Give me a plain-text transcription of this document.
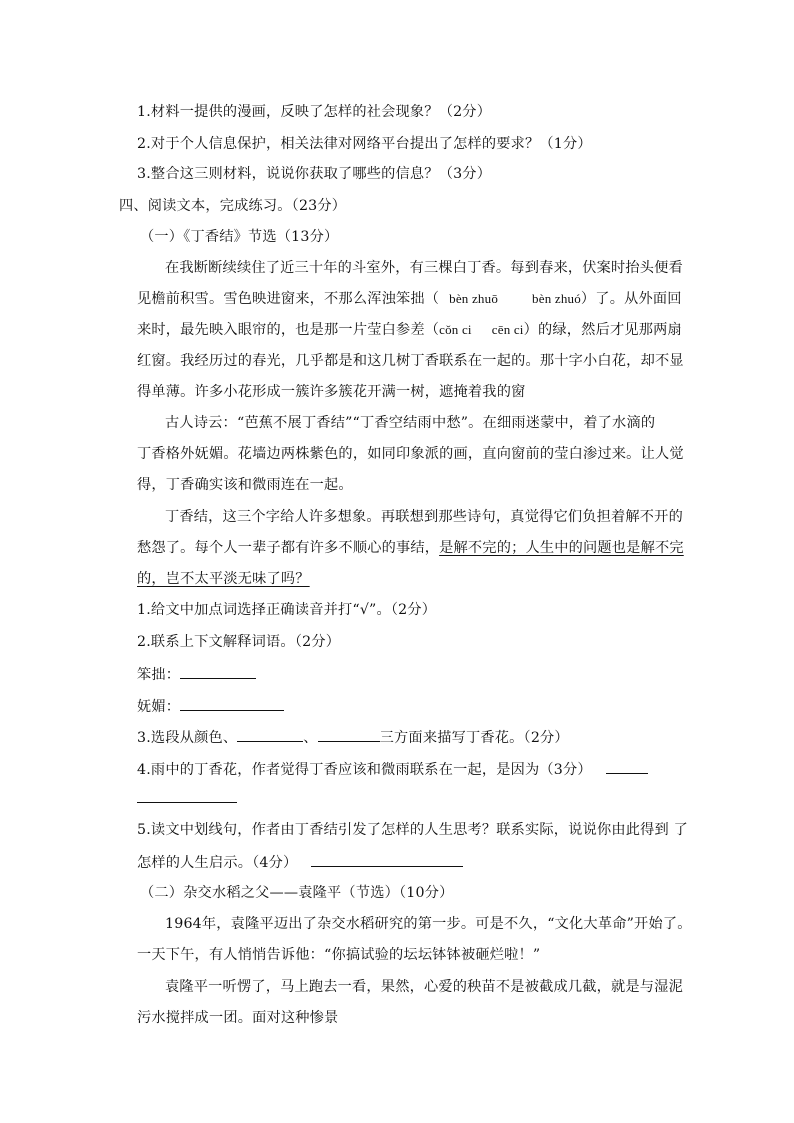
1.材料一提供的漫画，反映了怎样的社会现象？（2分）
2.对于个人信息保护，相关法律对网络平台提出了怎样的要求？（1分）
3.整合这三则材料，说说你获取了哪些的信息？（3分）
四、阅读文本，完成练习。（23分）
（一）《丁香结》节选（13分）
在我断断续续住了近三十年的斗室外，有三棵白丁香。每到春来，伏案时抬头便看
见檐前积雪。雪色映进窗来，不那么浑浊笨拙（ bèn zhuō	bèn zhuó）了。从外面回
来时，最先映入眼帘的，也是那一片莹白参差（cǒn ci cēn ci）的绿，然后才见那两扇
红窗。我经历过的春光，几乎都是和这几树丁香联系在一起的。那十字小白花，却不显
得单薄。许多小花形成一簇许多簇花开满一树，遮掩着我的窗
古人诗云：“芭蕉不展丁香结”“丁香空结雨中愁”。在细雨迷蒙中，着了水滴的
丁香格外妩媚。花墙边两株紫色的，如同印象派的画，直向窗前的莹白渗过来。让人觉
得，丁香确实该和微雨连在一起。
丁香结，这三个字给人许多想象。再联想到那些诗句，真觉得它们负担着解不开的
愁怨了。每个人一辈子都有许多不顺心的事结，是解不完的；人生中的问题也是解不完
的，岂不太平淡无味了吗？
1.给文中加点词选择正确读音并打“√”。（2分）
2.联系上下文解释词语。（2分）
笨拙：
妩媚：
3.选段从颜色、	、	三方面来描写丁香花。（2分）
4.雨中的丁香花，作者觉得丁香应该和微雨联系在一起，是因为（3分）
5.读文中划线句，作者由丁香结引发了怎样的人生思考？联系实际，说说你由此得到 了
怎样的人生启示。（4分）
（二）杂交水稻之父——袁隆平（节选）（10分）
1964年，袁隆平迈出了杂交水稻研究的第一步。可是不久，“文化大革命”开始了。
一天下午，有人悄悄告诉他：“你搞试验的坛坛钵钵被砸烂啦！”
袁隆平一听愣了，马上跑去一看，果然，心爱的秧苗不是被截成几截，就是与湿泥
污水搅拌成一团。面对这种惨景
